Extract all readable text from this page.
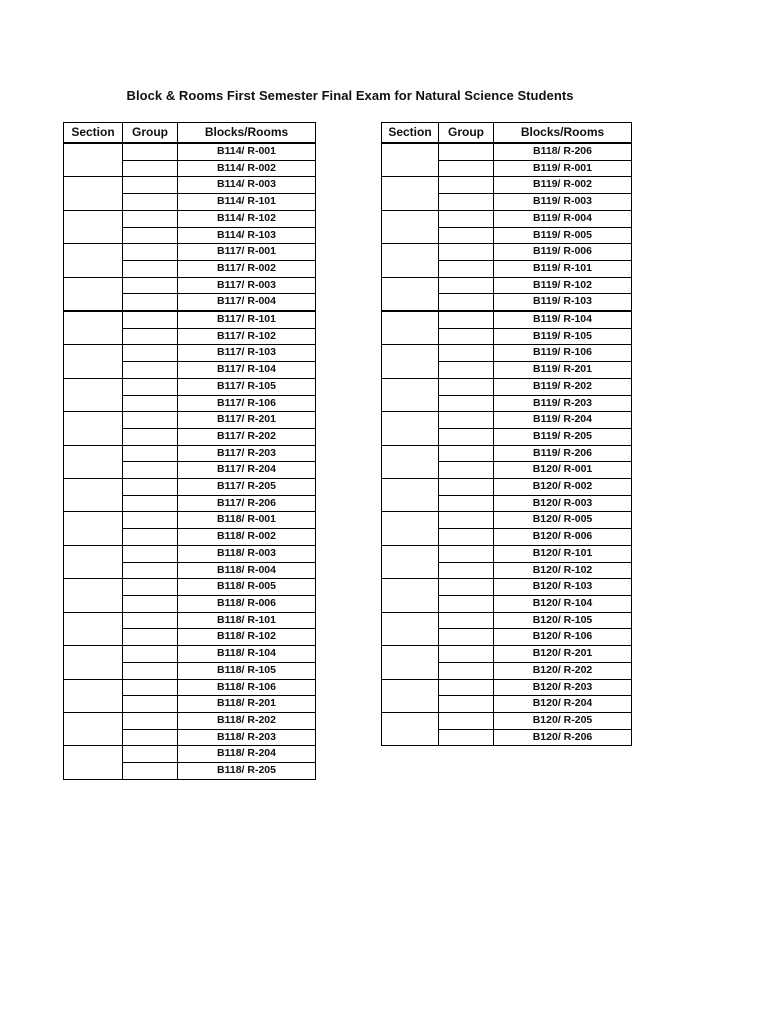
Block & Rooms First Semester Final Exam for Natural Science Students
Section	Group	Blocks/Rooms
		B114/ R-001
		B114/ R-002
		B114/ R-003
		B114/ R-101
		B114/ R-102
		B114/ R-103
		B117/ R-001
		B117/ R-002
		B117/ R-003
		B117/ R-004
		B117/ R-101
		B117/ R-102
		B117/ R-103
		B117/ R-104
		B117/ R-105
		B117/ R-106
		B117/ R-201
		B117/ R-202
		B117/ R-203
		B117/ R-204
		B117/ R-205
		B117/ R-206
		B118/ R-001
		B118/ R-002
		B118/ R-003
		B118/ R-004
		B118/ R-005
		B118/ R-006
		B118/ R-101
		B118/ R-102
		B118/ R-104
		B118/ R-105
		B118/ R-106
		B118/ R-201
		B118/ R-202
		B118/ R-203
		B118/ R-204
		B118/ R-205
Section	Group	Blocks/Rooms
		B118/ R-206
		B119/ R-001
		B119/ R-002
		B119/ R-003
		B119/ R-004
		B119/ R-005
		B119/ R-006
		B119/ R-101
		B119/ R-102
		B119/ R-103
		B119/ R-104
		B119/ R-105
		B119/ R-106
		B119/ R-201
		B119/ R-202
		B119/ R-203
		B119/ R-204
		B119/ R-205
		B119/ R-206
		B120/ R-001
		B120/ R-002
		B120/ R-003
		B120/ R-005
		B120/ R-006
		B120/ R-101
		B120/ R-102
		B120/ R-103
		B120/ R-104
		B120/ R-105
		B120/ R-106
		B120/ R-201
		B120/ R-202
		B120/ R-203
		B120/ R-204
		B120/ R-205
		B120/ R-206
